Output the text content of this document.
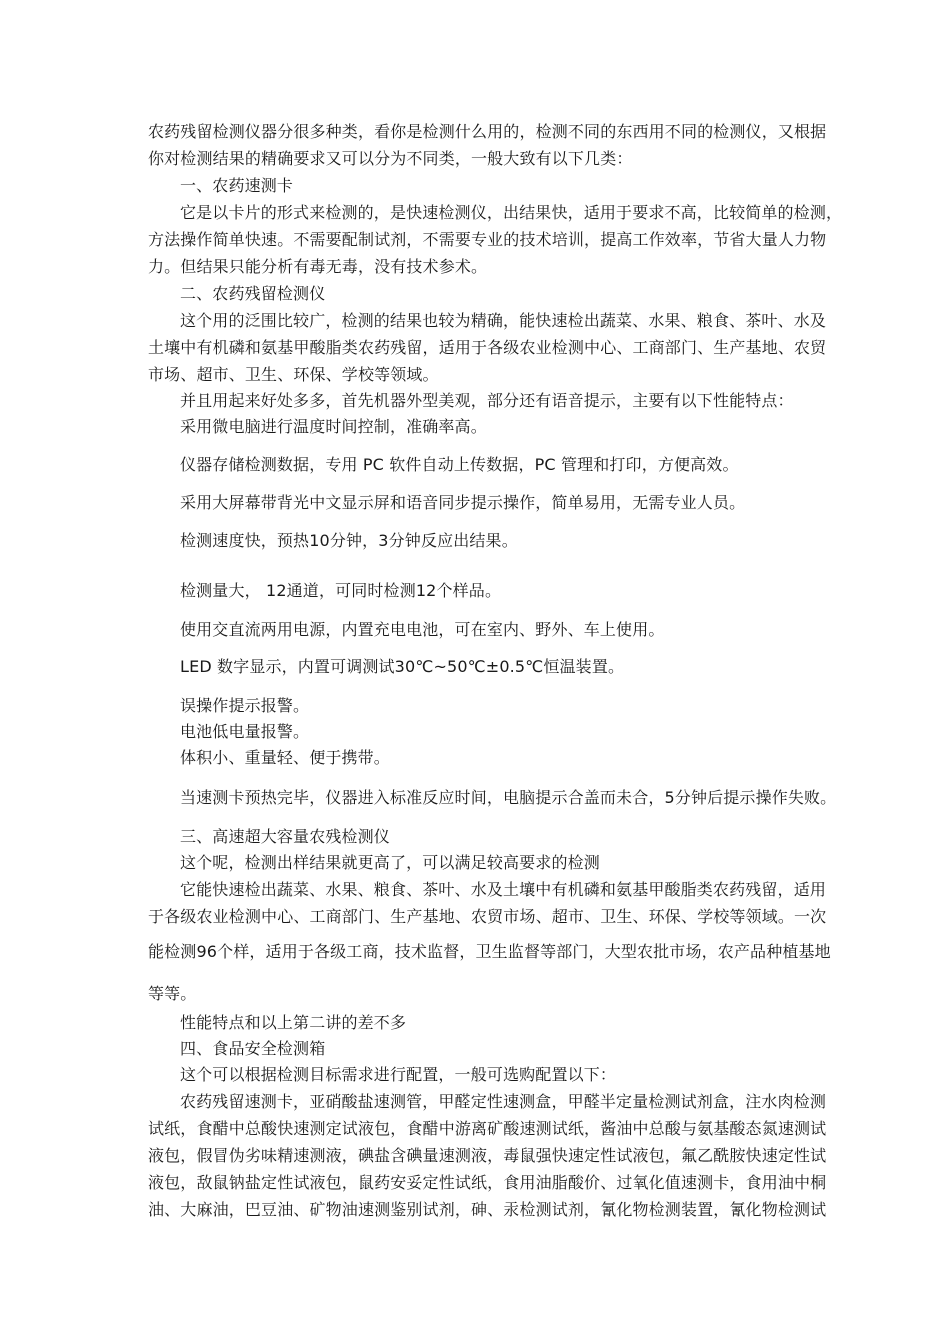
农药残留检测仪器分很多种类，看你是检测什么用的，检测不同的东西用不同的检测仪，又根据
你对检测结果的精确要求又可以分为不同类，一般大致有以下几类：
一、农药速测卡
它是以卡片的形式来检测的，是快速检测仪，出结果快，适用于要求不高，比较简单的检测，
方法操作简单快速。不需要配制试剂，不需要专业的技术培训，提高工作效率，节省大量人力物
力。但结果只能分析有毒无毒，没有技术参术。
二、农药残留检测仪
这个用的泛围比较广，检测的结果也较为精确，能快速检出蔬菜、水果、粮食、茶叶、水及
土壤中有机磷和氨基甲酸脂类农药残留，适用于各级农业检测中心、工商部门、生产基地、农贸
市场、超市、卫生、环保、学校等领域。
并且用起来好处多多，首先机器外型美观，部分还有语音提示，主要有以下性能特点：
采用微电脑进行温度时间控制，准确率高。
仪器存储检测数据，专用 PC 软件自动上传数据，PC 管理和打印，方便高效。
采用大屏幕带背光中文显示屏和语音同步提示操作，简单易用，无需专业人员。
检测速度快，预热10分钟，3分钟反应出结果。
检测量大， 12通道，可同时检测12个样品。
使用交直流两用电源，内置充电电池，可在室内、野外、车上使用。
LED 数字显示，内置可调测试30℃~50℃±0.5℃恒温装置。
误操作提示报警。
电池低电量报警。
体积小、重量轻、便于携带。
当速测卡预热完毕，仪器进入标准反应时间，电脑提示合盖而未合，5分钟后提示操作失败。
三、高速超大容量农残检测仪
这个呢，检测出样结果就更高了，可以满足较高要求的检测
它能快速检出蔬菜、水果、粮食、茶叶、水及土壤中有机磷和氨基甲酸脂类农药残留，适用
于各级农业检测中心、工商部门、生产基地、农贸市场、超市、卫生、环保、学校等领域。一次
能检测96个样，适用于各级工商，技术监督，卫生监督等部门，大型农批市场，农产品种植基地
等等。
性能特点和以上第二讲的差不多
四、食品安全检测箱
这个可以根据检测目标需求进行配置，一般可选购配置以下：
农药残留速测卡，亚硝酸盐速测管，甲醛定性速测盒，甲醛半定量检测试剂盒，注水肉检测
试纸，食醋中总酸快速测定试液包，食醋中游离矿酸速测试纸，酱油中总酸与氨基酸态氮速测试
液包，假冒伪劣味精速测液，碘盐含碘量速测液，毒鼠强快速定性试液包，氟乙酰胺快速定性试
液包，敌鼠钠盐定性试液包，鼠药安妥定性试纸，食用油脂酸价、过氧化值速测卡，食用油中桐
油、大麻油，巴豆油、矿物油速测鉴别试剂，砷、汞检测试剂，氰化物检测装置，氰化物检测试
